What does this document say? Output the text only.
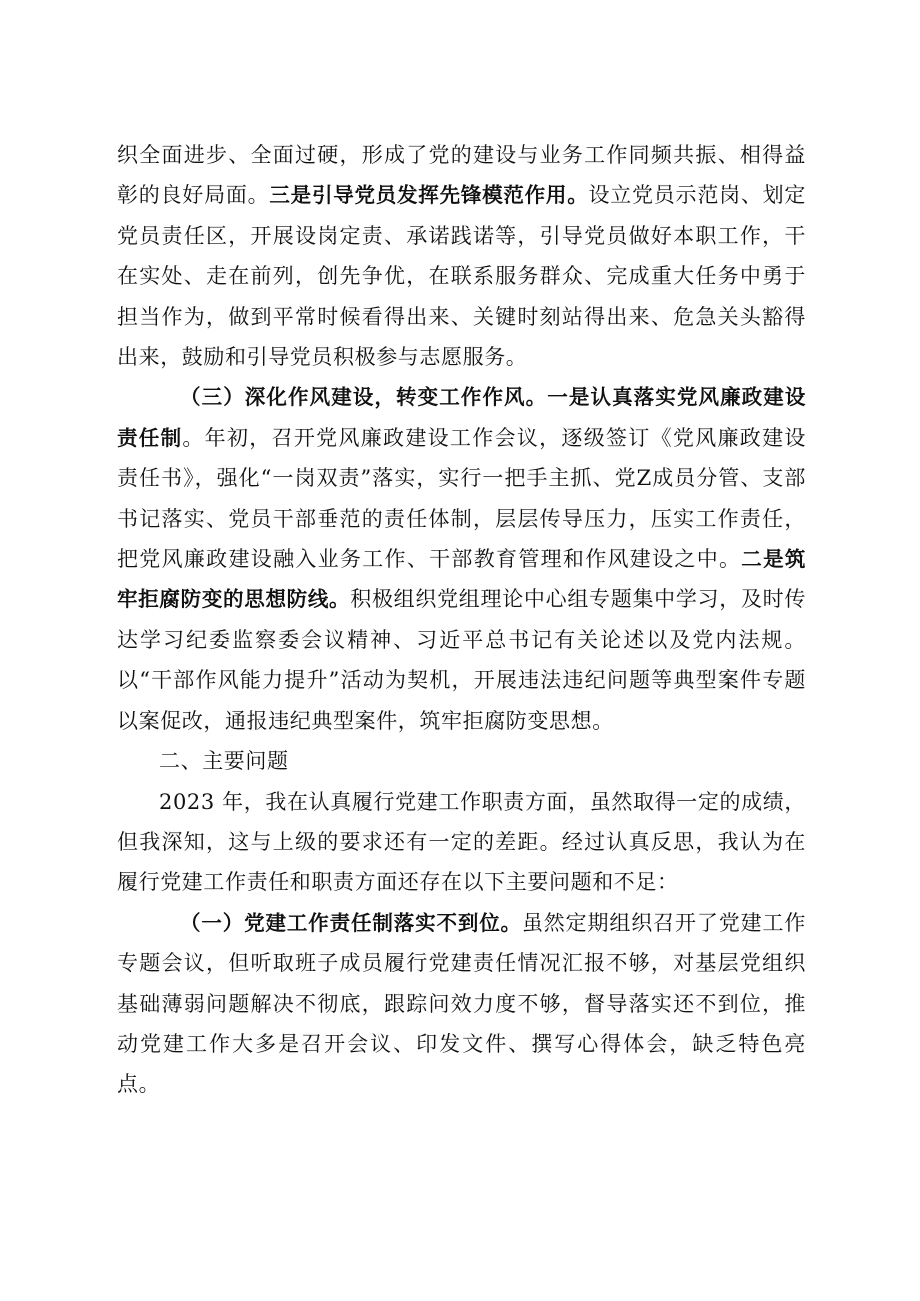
织全面进步、全面过硬，形成了党的建设与业务工作同频共振、相得益彰的良好局面。三是引导党员发挥先锋模范作用。设立党员示范岗、划定党员责任区，开展设岗定责、承诺践诺等，引导党员做好本职工作，干在实处、走在前列，创先争优，在联系服务群众、完成重大任务中勇于担当作为，做到平常时候看得出来、关键时刻站得出来、危急关头豁得出来，鼓励和引导党员积极参与志愿服务。

（三）深化作风建设，转变工作作风。一是认真落实党风廉政建设责任制。年初，召开党风廉政建设工作会议，逐级签订《党风廉政建设责任书》，强化“一岗双责”落实，实行一把手主抓、党Z成员分管、支部书记落实、党员干部垂范的责任体制，层层传导压力，压实工作责任，把党风廉政建设融入业务工作、干部教育管理和作风建设之中。二是筑牢拒腐防变的思想防线。积极组织党组理论中心组专题集中学习，及时传达学习纪委监察委会议精神、习近平总书记有关论述以及党内法规。以“干部作风能力提升”活动为契机，开展违法违纪问题等典型案件专题以案促改，通报违纪典型案件，筑牢拒腐防变思想。

二、主要问题

2023 年，我在认真履行党建工作职责方面，虽然取得一定的成绩，但我深知，这与上级的要求还有一定的差距。经过认真反思，我认为在履行党建工作责任和职责方面还存在以下主要问题和不足：

（一）党建工作责任制落实不到位。虽然定期组织召开了党建工作专题会议，但听取班子成员履行党建责任情况汇报不够，对基层党组织基础薄弱问题解决不彻底，跟踪问效力度不够，督导落实还不到位，推动党建工作大多是召开会议、印发文件、撰写心得体会，缺乏特色亮点。
